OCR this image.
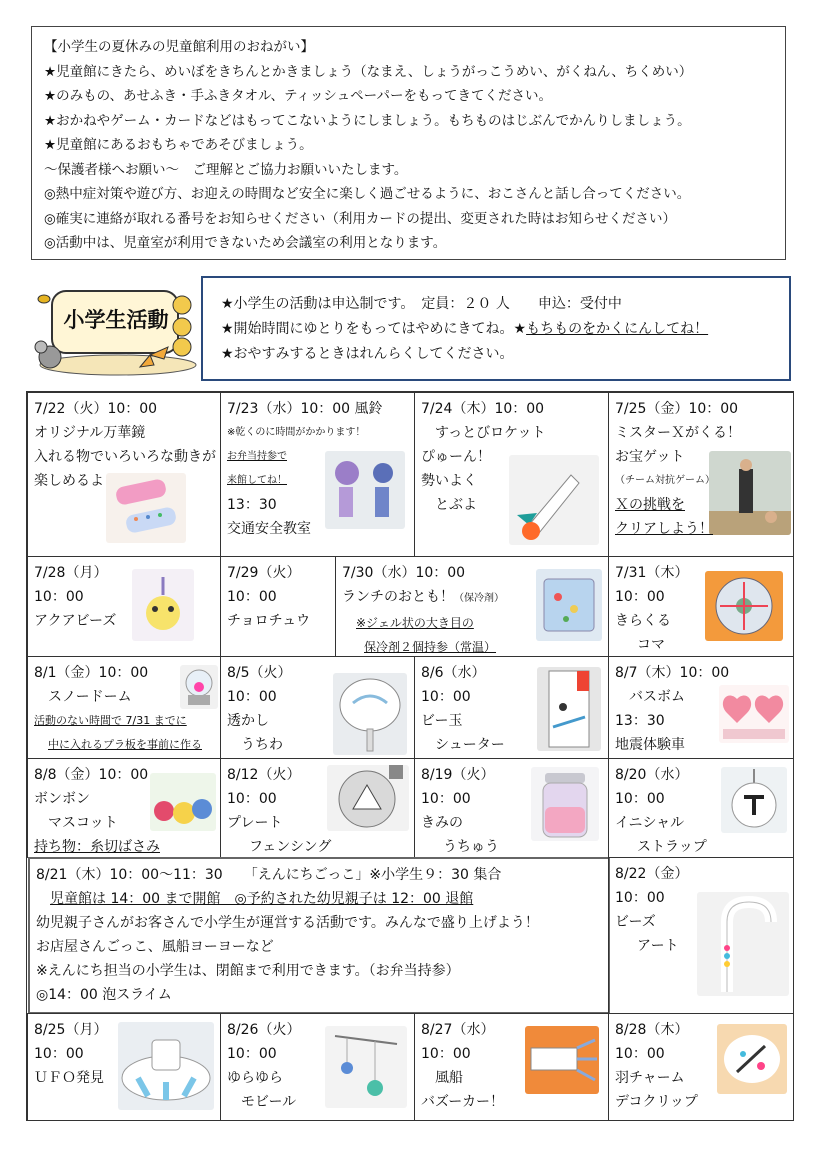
【小学生の夏休みの児童館利用のおねがい】
★児童館にきたら、めいぼをきちんとかきましょう（なまえ、しょうがっこうめい、がくねん、ちくめい）
★のみもの、あせふき・手ふきタオル、ティッシュペーパーをもってきてください。
★おかねやゲーム・カードなどはもってこないようにしましょう。もちものはじぶんでかんりしましょう。
★児童館にあるおもちゃであそびましょう。
〜保護者様へお願い〜　ご理解とご協力お願いいたします。
◎熱中症対策や遊び方、お迎えの時間など安全に楽しく過ごせるように、おこさんと話し合ってください。
◎確実に連絡が取れる番号をお知らせください（利用カードの提出、変更された時はお知らせください）
◎活動中は、児童室が利用できないため会議室の利用となります。
小学生活動
★小学生の活動は申込制です。　定員：２０ 人　　申込：受付中
★開始時間にゆとりをもってはやめにきてね。★もちものをかくにんしてね！
★おやすみするときはれんらくしてください。
7/22（火）10：00
オリジナル万華鏡
入れる物でいろいろな動きが
楽しめるよ
7/23（水）10：00 風鈴
※乾くのに時間がかかります！
お弁当持参で
来館してね！
13：30
交通安全教室
7/24（木）10：00
すっとびロケット
ぴゅーん！
勢いよく
とぶよ
7/25（金）10：00
ミスターＸがくる！
お宝ゲット
（チーム対抗ゲーム）
Ｘの挑戦を
クリアしよう！
7/28（月）
10：00
アクアビーズ
7/29（火）
10：00
チョロチュウ
7/30（水）10：00
ランチのおとも！（保冷剤）
※ジェル状の大き目の
保冷剤２個持参（常温）
7/31（木）
10：00
きらくる
コマ
8/1（金）10：00
スノードーム
活動のない時間で 7/31 までに
中に入れるプラ板を事前に作る
8/5（火）
10：00
透かし
うちわ
8/6（水）
10：00
ビー玉
シューター
8/7（木）10：00
バスボム
13：30
地震体験車
8/8（金）10：00
ボンボン
マスコット
持ち物：糸切ばさみ
8/12（火）
10：00
プレート
フェンシング
8/19（火）
10：00
きみの
うちゅう
8/20（水）
10：00
イニシャル
ストラップ
8/21（木）10：00〜11：30　　「えんにちごっこ」※小学生９：30 集合
児童館は 14：00 まで開館　◎予約された幼児親子は 12：00 退館
幼児親子さんがお客さんで小学生が運営する活動です。みんなで盛り上げよう！
お店屋さんごっこ、風船ヨーヨーなど
※えんにち担当の小学生は、閉館まで利用できます。（お弁当持参）
◎14：00 泡スライム
8/22（金）
10：00
ビーズ
アート
8/25（月）
10：00
ＵＦＯ発見
8/26（火）
10：00
ゆらゆら
モビール
8/27（水）
10：00
風船
バズーカー！
8/28（木）
10：00
羽チャーム
デコクリップ
